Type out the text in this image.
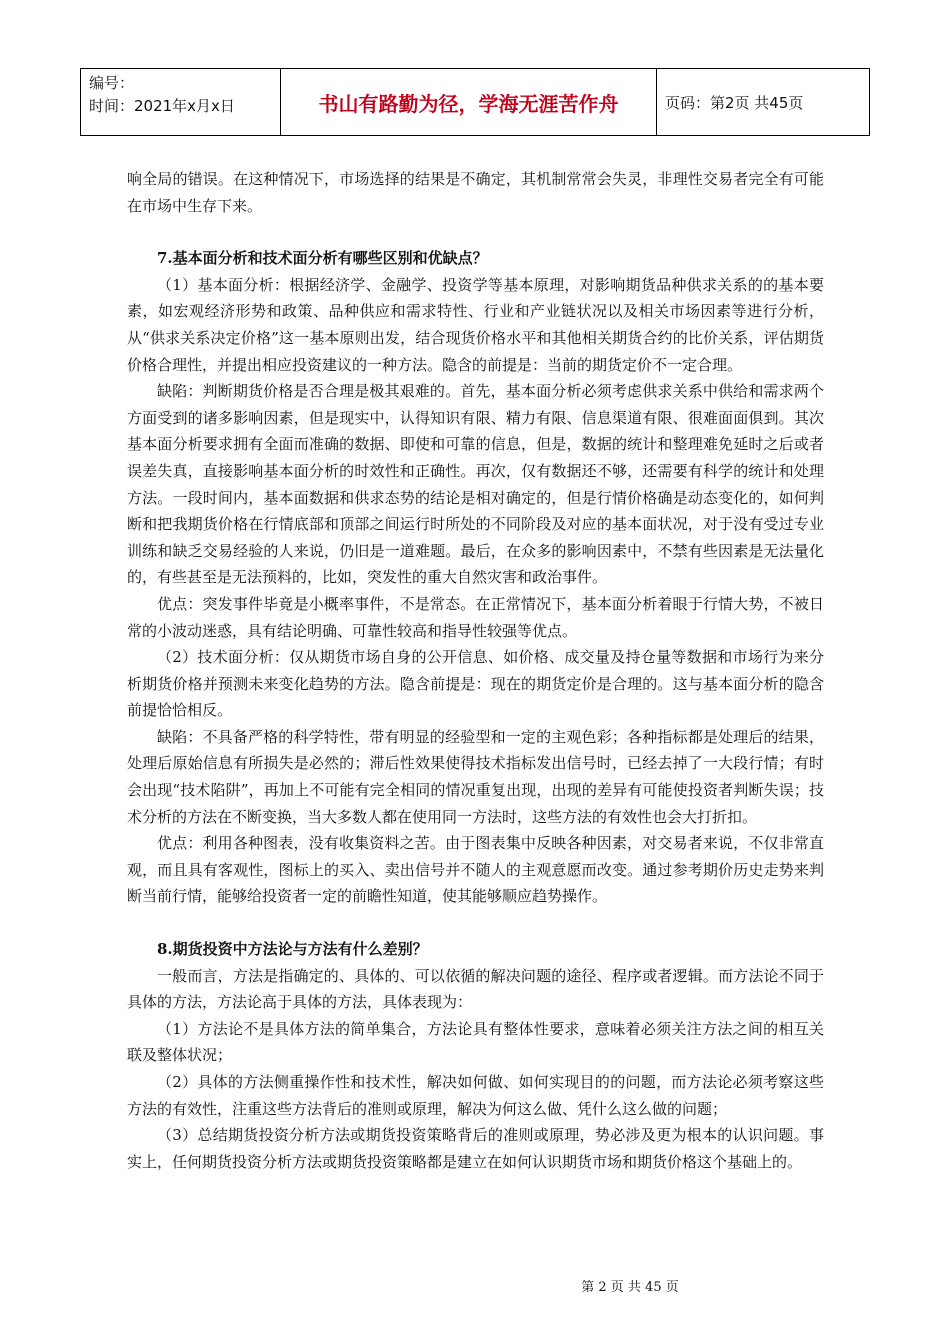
编号：
时间：2021年x月x日	书山有路勤为径，学海无涯苦作舟	页码：第2页 共45页

响全局的错误。在这种情况下，市场选择的结果是不确定，其机制常常会失灵，非理性交易者完全有可能在市场中生存下来。

7.基本面分析和技术面分析有哪些区别和优缺点？

（1）基本面分析：根据经济学、金融学、投资学等基本原理，对影响期货品种供求关系的的基本要素，如宏观经济形势和政策、品种供应和需求特性、行业和产业链状况以及相关市场因素等进行分析，从“供求关系决定价格”这一基本原则出发，结合现货价格水平和其他相关期货合约的比价关系，评估期货价格合理性，并提出相应投资建议的一种方法。隐含的前提是：当前的期货定价不一定合理。

缺陷：判断期货价格是否合理是极其艰难的。首先，基本面分析必须考虑供求关系中供给和需求两个方面受到的诸多影响因素，但是现实中，认得知识有限、精力有限、信息渠道有限、很难面面俱到。其次基本面分析要求拥有全面而准确的数据、即使和可靠的信息，但是，数据的统计和整理难免延时之后或者误差失真，直接影响基本面分析的时效性和正确性。再次，仅有数据还不够，还需要有科学的统计和处理方法。一段时间内，基本面数据和供求态势的结论是相对确定的，但是行情价格确是动态变化的，如何判断和把我期货价格在行情底部和顶部之间运行时所处的不同阶段及对应的基本面状况，对于没有受过专业训练和缺乏交易经验的人来说，仍旧是一道难题。最后，在众多的影响因素中，不禁有些因素是无法量化的，有些甚至是无法预料的，比如，突发性的重大自然灾害和政治事件。

优点：突发事件毕竟是小概率事件，不是常态。在正常情况下，基本面分析着眼于行情大势，不被日常的小波动迷惑，具有结论明确、可靠性较高和指导性较强等优点。

（2）技术面分析：仅从期货市场自身的公开信息、如价格、成交量及持仓量等数据和市场行为来分析期货价格并预测未来变化趋势的方法。隐含前提是：现在的期货定价是合理的。这与基本面分析的隐含前提恰恰相反。

缺陷：不具备严格的科学特性，带有明显的经验型和一定的主观色彩；各种指标都是处理后的结果，处理后原始信息有所损失是必然的；滞后性效果使得技术指标发出信号时，已经去掉了一大段行情；有时会出现“技术陷阱”，再加上不可能有完全相同的情况重复出现，出现的差异有可能使投资者判断失误；技术分析的方法在不断变换，当大多数人都在使用同一方法时，这些方法的有效性也会大打折扣。

优点：利用各种图表，没有收集资料之苦。由于图表集中反映各种因素，对交易者来说，不仅非常直观，而且具有客观性，图标上的买入、卖出信号并不随人的主观意愿而改变。通过参考期价历史走势来判断当前行情，能够给投资者一定的前瞻性知道，使其能够顺应趋势操作。

8.期货投资中方法论与方法有什么差别？

一般而言，方法是指确定的、具体的、可以依循的解决问题的途径、程序或者逻辑。而方法论不同于具体的方法，方法论高于具体的方法，具体表现为：

（1）方法论不是具体方法的简单集合，方法论具有整体性要求，意味着必须关注方法之间的相互关联及整体状况；

（2）具体的方法侧重操作性和技术性，解决如何做、如何实现目的的问题，而方法论必须考察这些方法的有效性，注重这些方法背后的准则或原理，解决为何这么做、凭什么这么做的问题；

（3）总结期货投资分析方法或期货投资策略背后的准则或原理，势必涉及更为根本的认识问题。事实上，任何期货投资分析方法或期货投资策略都是建立在如何认识期货市场和期货价格这个基础上的。

第 2 页 共 45 页
